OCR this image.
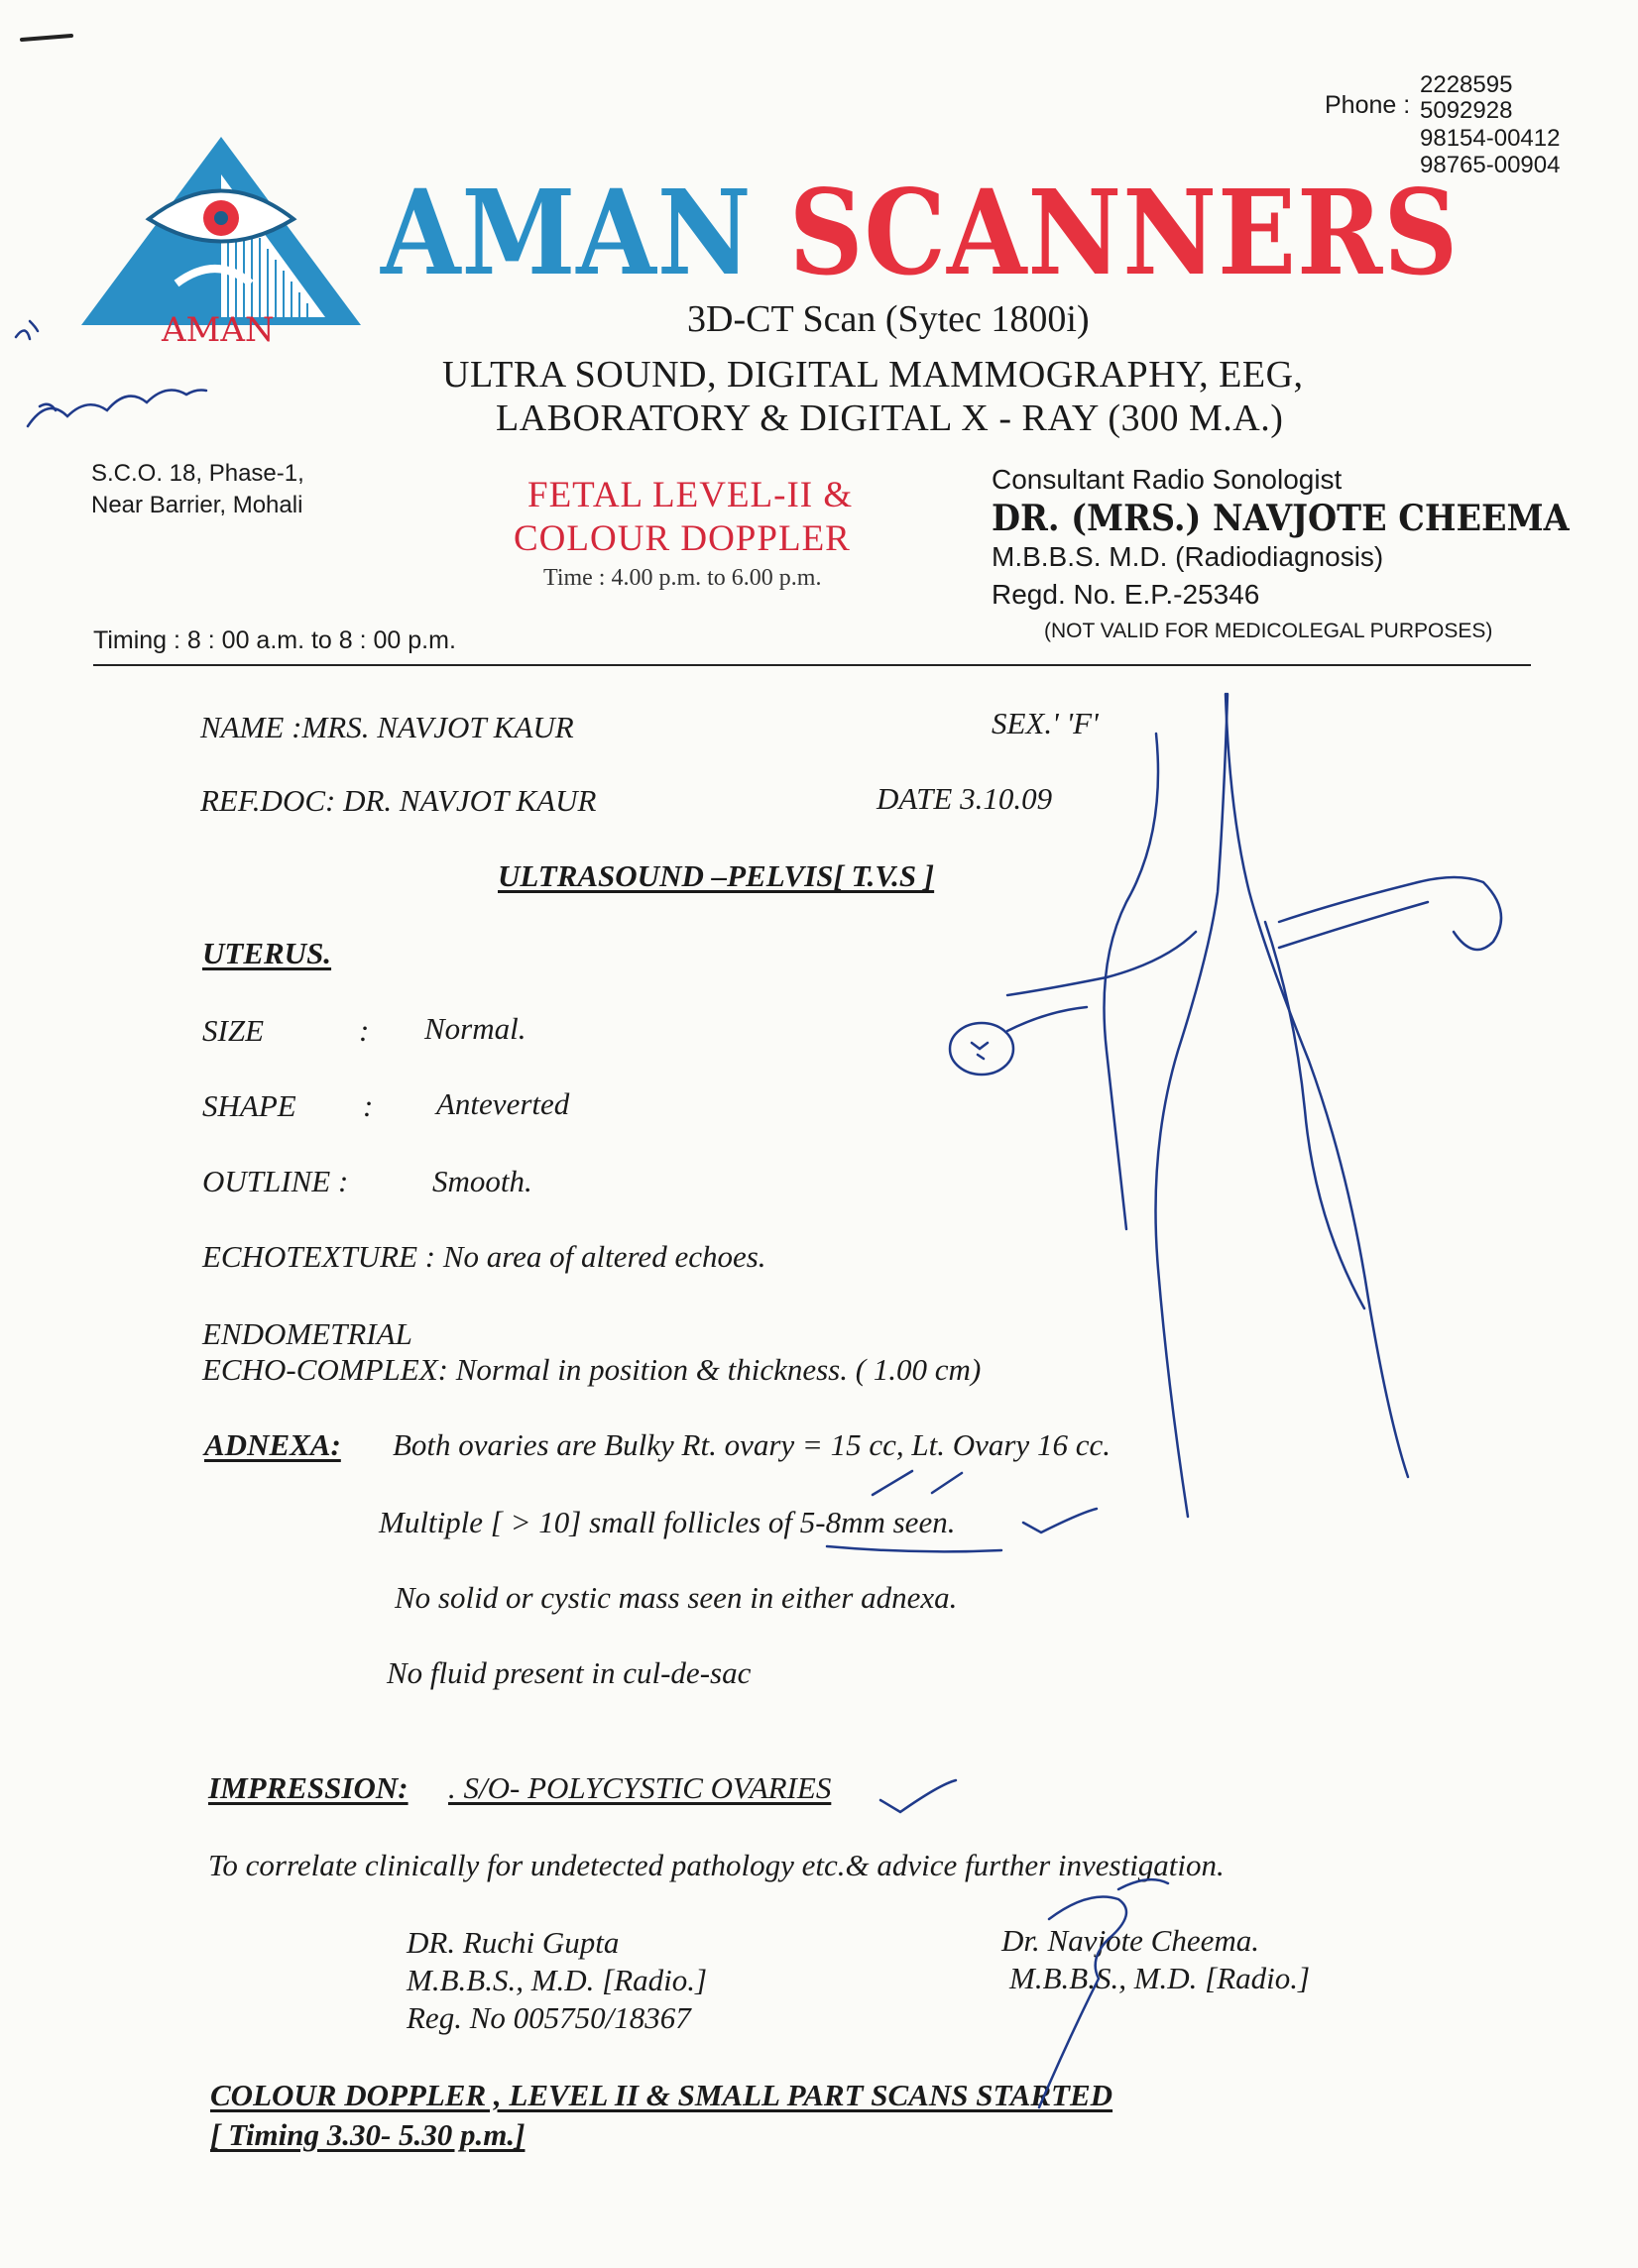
Phone :
2228595
5092928
98154-00412
98765-00904
AMAN
AMAN SCANNERS
3D-CT Scan (Sytec 1800i)
ULTRA SOUND, DIGITAL MAMMOGRAPHY, EEG,
LABORATORY & DIGITAL X - RAY (300 M.A.)
S.C.O. 18, Phase-1,
Near Barrier, Mohali	FETAL LEVEL-II &
COLOUR DOPPLER
Time : 4.00 p.m. to 6.00 p.m.
Consultant Radio Sonologist
DR. (MRS.) NAVJOTE CHEEMA
M.B.B.S. M.D. (Radiodiagnosis)
Regd. No. E.P.-25346
(NOT VALID FOR MEDICOLEGAL PURPOSES)
Timing : 8 : 00 a.m. to 8 : 00 p.m.
NAME :MRS. NAVJOT KAUR	SEX.' 'F'
REF.DOC: DR. NAVJOT KAUR	DATE 3.10.09
ULTRASOUND –PELVIS[ T.V.S ]
UTERUS.
SIZE	: Normal.
SHAPE : Anteverted
OUTLINE :	Smooth.
ECHOTEXTURE : No area of altered echoes.
ENDOMETRIAL
ECHO-COMPLEX: Normal in position & thickness. ( 1.00 cm)
ADNEXA: Both ovaries are Bulky Rt. ovary = 15 cc, Lt. Ovary 16 cc.
Multiple [ > 10] small follicles of 5-8mm seen.
No solid or cystic mass seen in either adnexa.
No fluid present in cul-de-sac
IMPRESSION: . S/O- POLYCYSTIC OVARIES
To correlate clinically for undetected pathology etc.& advice further investigation.
DR. Ruchi Gupta
M.B.B.S., M.D. [Radio.]
Reg. No 005750/18367
Dr. Navjote Cheema.
M.B.B.S., M.D. [Radio.]
COLOUR DOPPLER , LEVEL II & SMALL PART SCANS STARTED
[ Timing 3.30- 5.30 p.m.]
